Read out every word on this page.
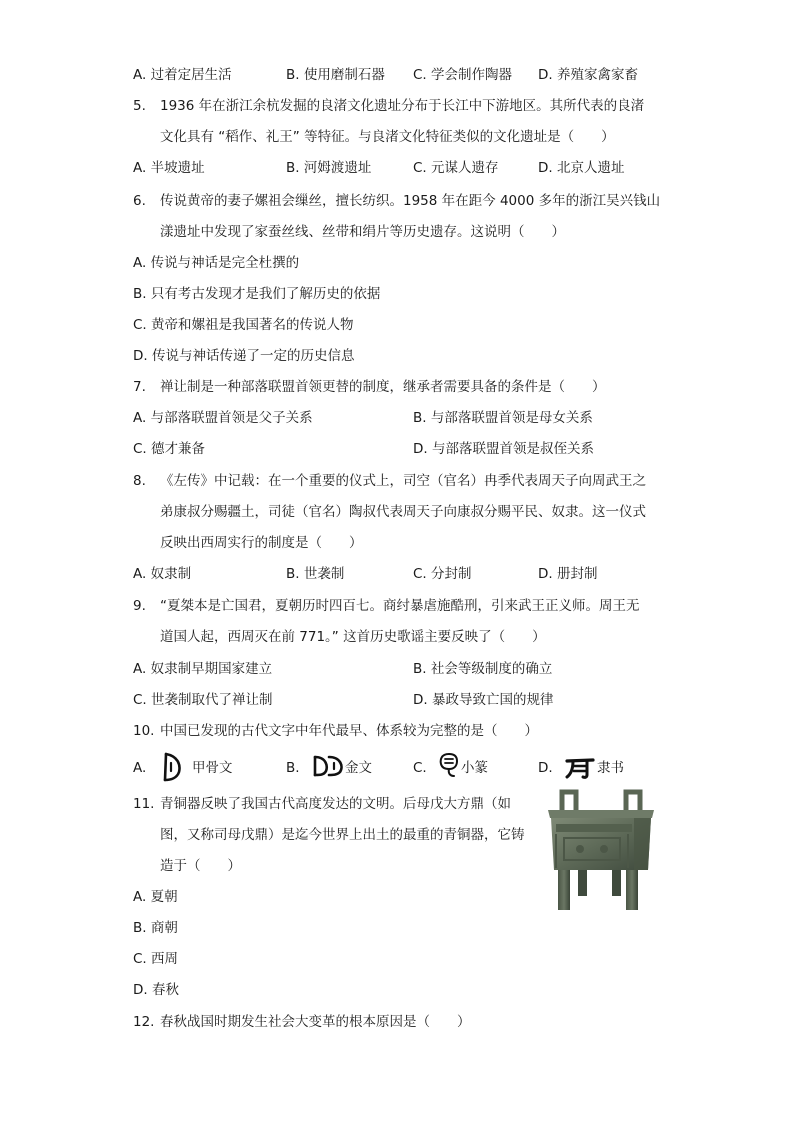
A. 过着定居生活	B. 使用磨制石器 C. 学会制作陶器 D. 养殖家禽家畜
5. 1936 年在浙江余杭发掘的良渚文化遗址分布于长江中下游地区。其所代表的良渚
文化具有 “稻作、礼王” 等特征。与良渚文化特征类似的文化遗址是（　　）
A. 半坡遗址	B. 河姆渡遗址	C. 元谋人遗存	D. 北京人遗址
6. 传说黄帝的妻子嫘祖会缫丝，擅长纺织。1958 年在距今 4000 多年的浙江吴兴钱山
漾遗址中发现了家蚕丝线、丝带和绢片等历史遗存。这说明（　　）
A. 传说与神话是完全杜撰的
B. 只有考古发现才是我们了解历史的依据
C. 黄帝和嫘祖是我国著名的传说人物
D. 传说与神话传递了一定的历史信息
7. 禅让制是一种部落联盟首领更替的制度，继承者需要具备的条件是（　　）
A. 与部落联盟首领是父子关系	B. 与部落联盟首领是母女关系
C. 德才兼备	D. 与部落联盟首领是叔侄关系
8. 《左传》中记载：在一个重要的仪式上，司空（官名）冉季代表周天子向周武王之
弟康叔分赐疆土，司徒（官名）陶叔代表周天子向康叔分赐平民、奴隶。这一仪式
反映出西周实行的制度是（　　）
A. 奴隶制	B. 世袭制	C. 分封制	D. 册封制
9. “夏桀本是亡国君，夏朝历时四百七。商纣暴虐施酷刑，引来武王正义师。周王无
道国人起，西周灭在前 771。” 这首历史歌谣主要反映了（　　）
A. 奴隶制早期国家建立	B. 社会等级制度的确立
C. 世袭制取代了禅让制	D. 暴政导致亡国的规律
10. 中国已发现的古代文字中年代最早、体系较为完整的是（　　）
A.	甲骨文	B.	金文	C.	小篆	D.	隶书
11. 青铜器反映了我国古代高度发达的文明。后母戊大方鼎（如
图，又称司母戊鼎）是迄今世界上出土的最重的青铜器，它铸
造于（　　）
A. 夏朝
B. 商朝
C. 西周
D. 春秋
12. 春秋战国时期发生社会大变革的根本原因是（　　）
